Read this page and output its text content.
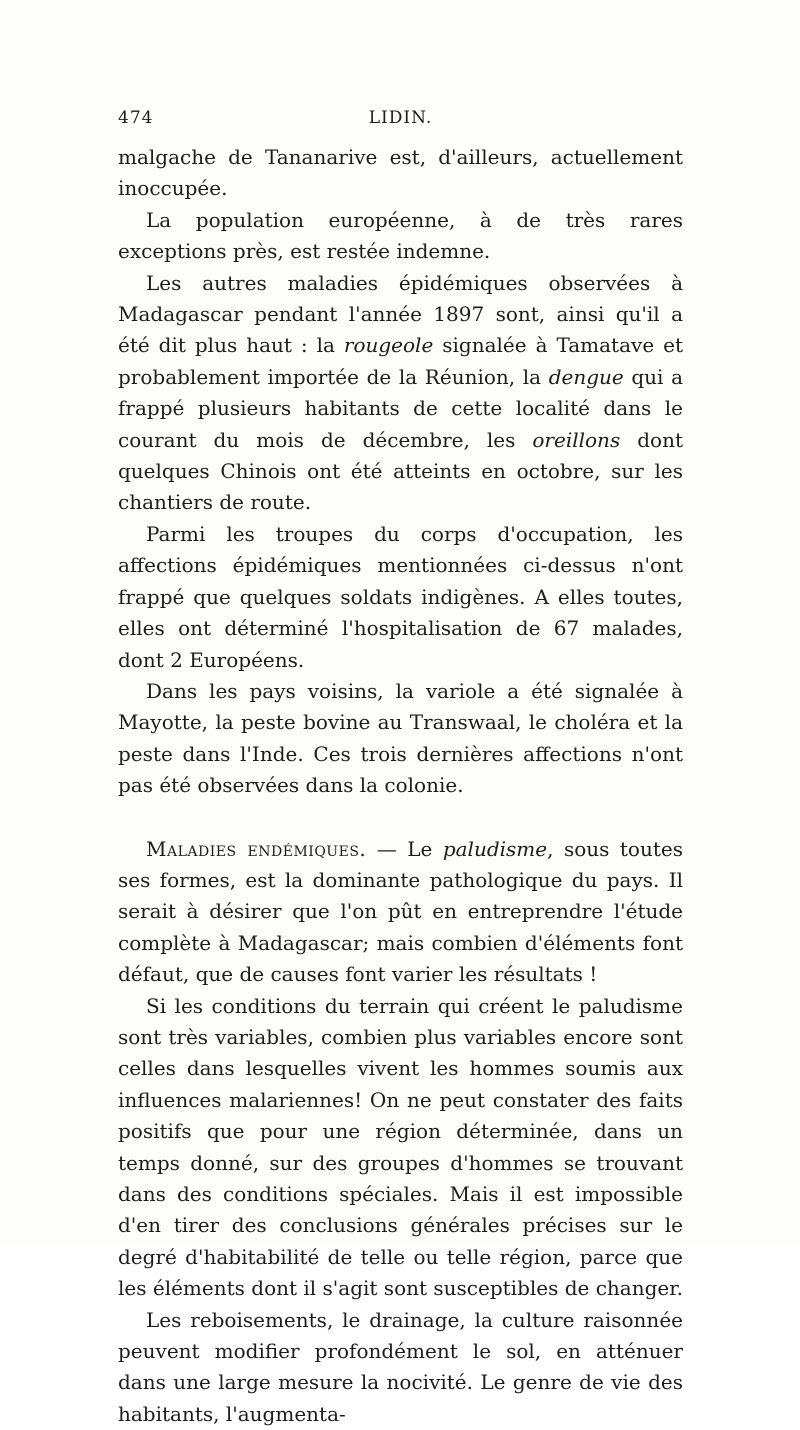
474	LIDIN.

malgache de Tananarive est, d'ailleurs, actuellement inoccupée.

La population européenne, à de très rares exceptions près, est restée indemne.

Les autres maladies épidémiques observées à Madagascar pendant l'année 1897 sont, ainsi qu'il a été dit plus haut : la rougeole signalée à Tamatave et probablement importée de la Réunion, la dengue qui a frappé plusieurs habitants de cette localité dans le courant du mois de décembre, les oreillons dont quelques Chinois ont été atteints en octobre, sur les chantiers de route.

Parmi les troupes du corps d'occupation, les affections épidémiques mentionnées ci-dessus n'ont frappé que quelques soldats indigènes. A elles toutes, elles ont déterminé l'hospitalisation de 67 malades, dont 2 Européens.

Dans les pays voisins, la variole a été signalée à Mayotte, la peste bovine au Transwaal, le choléra et la peste dans l'Inde. Ces trois dernières affections n'ont pas été observées dans la colonie.

Maladies endémiques. — Le paludisme, sous toutes ses formes, est la dominante pathologique du pays. Il serait à désirer que l'on pût en entreprendre l'étude complète à Madagascar; mais combien d'éléments font défaut, que de causes font varier les résultats !

Si les conditions du terrain qui créent le paludisme sont très variables, combien plus variables encore sont celles dans lesquelles vivent les hommes soumis aux influences malariennes! On ne peut constater des faits positifs que pour une région déterminée, dans un temps donné, sur des groupes d'hommes se trouvant dans des conditions spéciales. Mais il est impossible d'en tirer des conclusions générales précises sur le degré d'habitabilité de telle ou telle région, parce que les éléments dont il s'agit sont susceptibles de changer.

Les reboisements, le drainage, la culture raisonnée peuvent modifier profondément le sol, en atténuer dans une large mesure la nocivité. Le genre de vie des habitants, l'augmenta-
